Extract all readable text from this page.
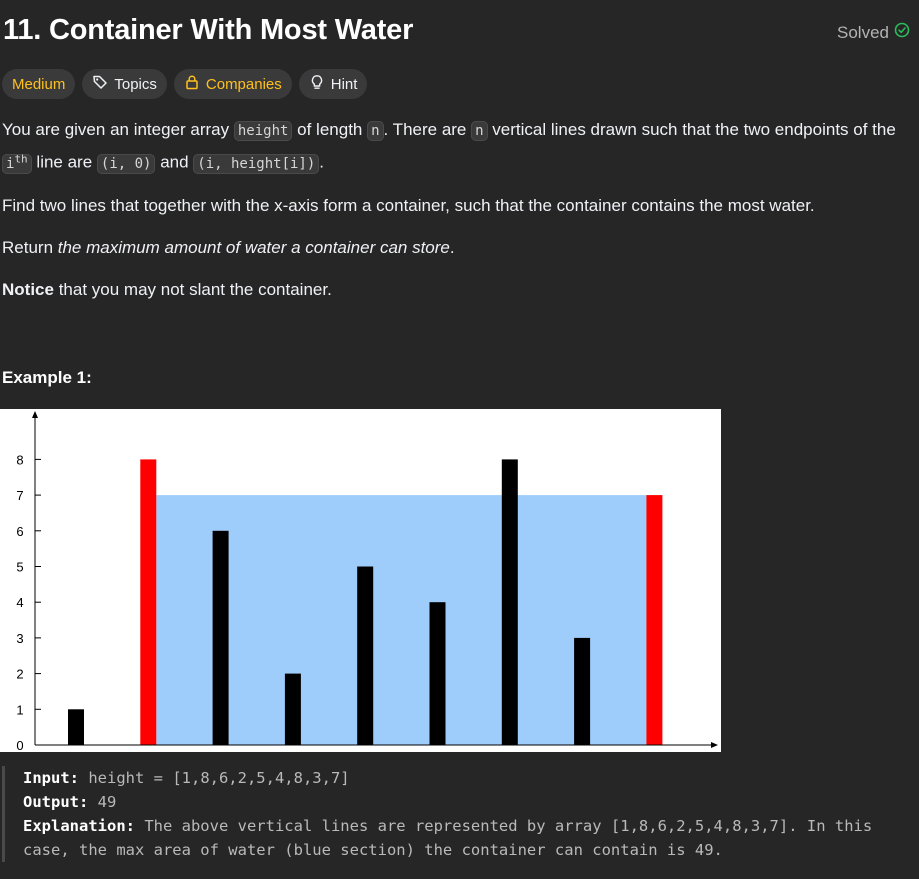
11. Container With Most Water	Solved
Medium	Topics	Companies	Hint

You are given an integer array height of length n . There are n vertical lines drawn such that the two endpoints of the $i^{th}$ line are (i, 0) and (i, height[i]) .

Find two lines that together with the x-axis form a container, such that the container contains the most water.

Return the maximum amount of water a container can store.

Notice that you may not slant the container.

Example 1:
0
1
2
3
4
5
6
7
8
Input: height = [1,8,6,2,5,4,8,3,7]
Output: 49
Explanation: The above vertical lines are represented by array [1,8,6,2,5,4,8,3,7]. In this case, the max area of water (blue section) the container can contain is 49.
